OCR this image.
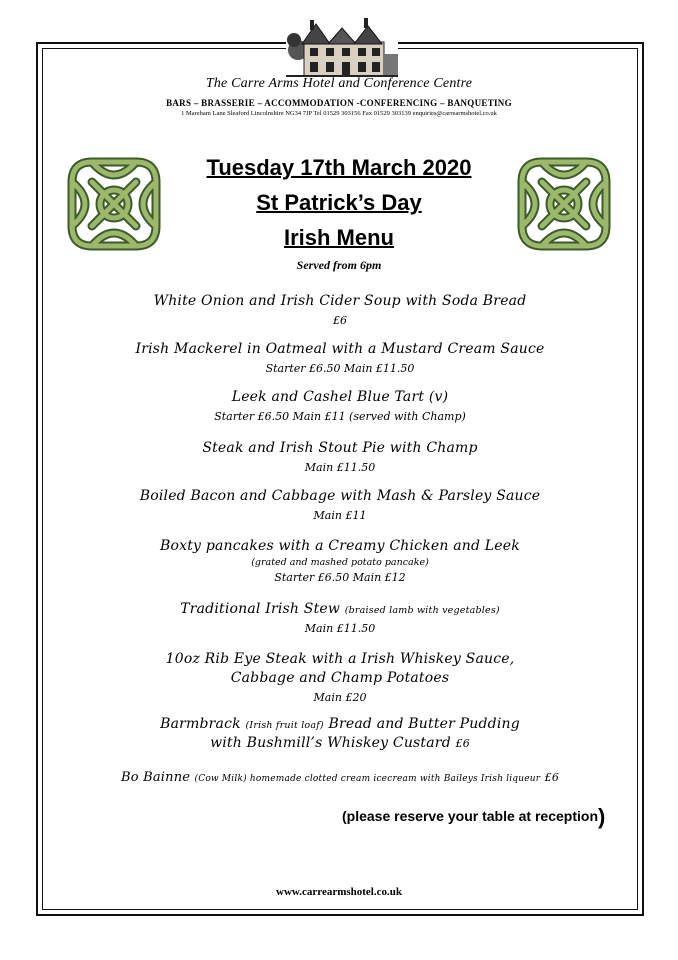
The Carre Arms Hotel and Conference Centre
BARS – BRASSERIE – ACCOMMODATION -CONFERENCING – BANQUETING
1 Mareham Lane Sleaford Lincolnshire NG34 7JP Tel 01529 303156 Fax 01529 303139 enquiries@carrearmshotel.co.uk
Tuesday 17th March 2020
St Patrick’s Day
Irish Menu
Served from 6pm
White Onion and Irish Cider Soup with Soda Bread
£6
Irish Mackerel in Oatmeal with a Mustard Cream Sauce
Starter £6.50 Main £11.50
Leek and Cashel Blue Tart (v)
Starter £6.50 Main £11 (served with Champ)
Steak and Irish Stout Pie with Champ
Main £11.50
Boiled Bacon and Cabbage with Mash & Parsley Sauce
Main £11
Boxty pancakes with a Creamy Chicken and Leek
(grated and mashed potato pancake)
Starter £6.50 Main £12
Traditional Irish Stew (braised lamb with vegetables)
Main £11.50
10oz Rib Eye Steak with a Irish Whiskey Sauce,
Cabbage and Champ Potatoes
Main £20
Barmbrack (Irish fruit loaf) Bread and Butter Pudding
with Bushmill’s Whiskey Custard £6
Bo Bainne (Cow Milk) homemade clotted cream icecream with Baileys Irish liqueur £6
(please reserve your table at reception)
www.carrearmshotel.co.uk
